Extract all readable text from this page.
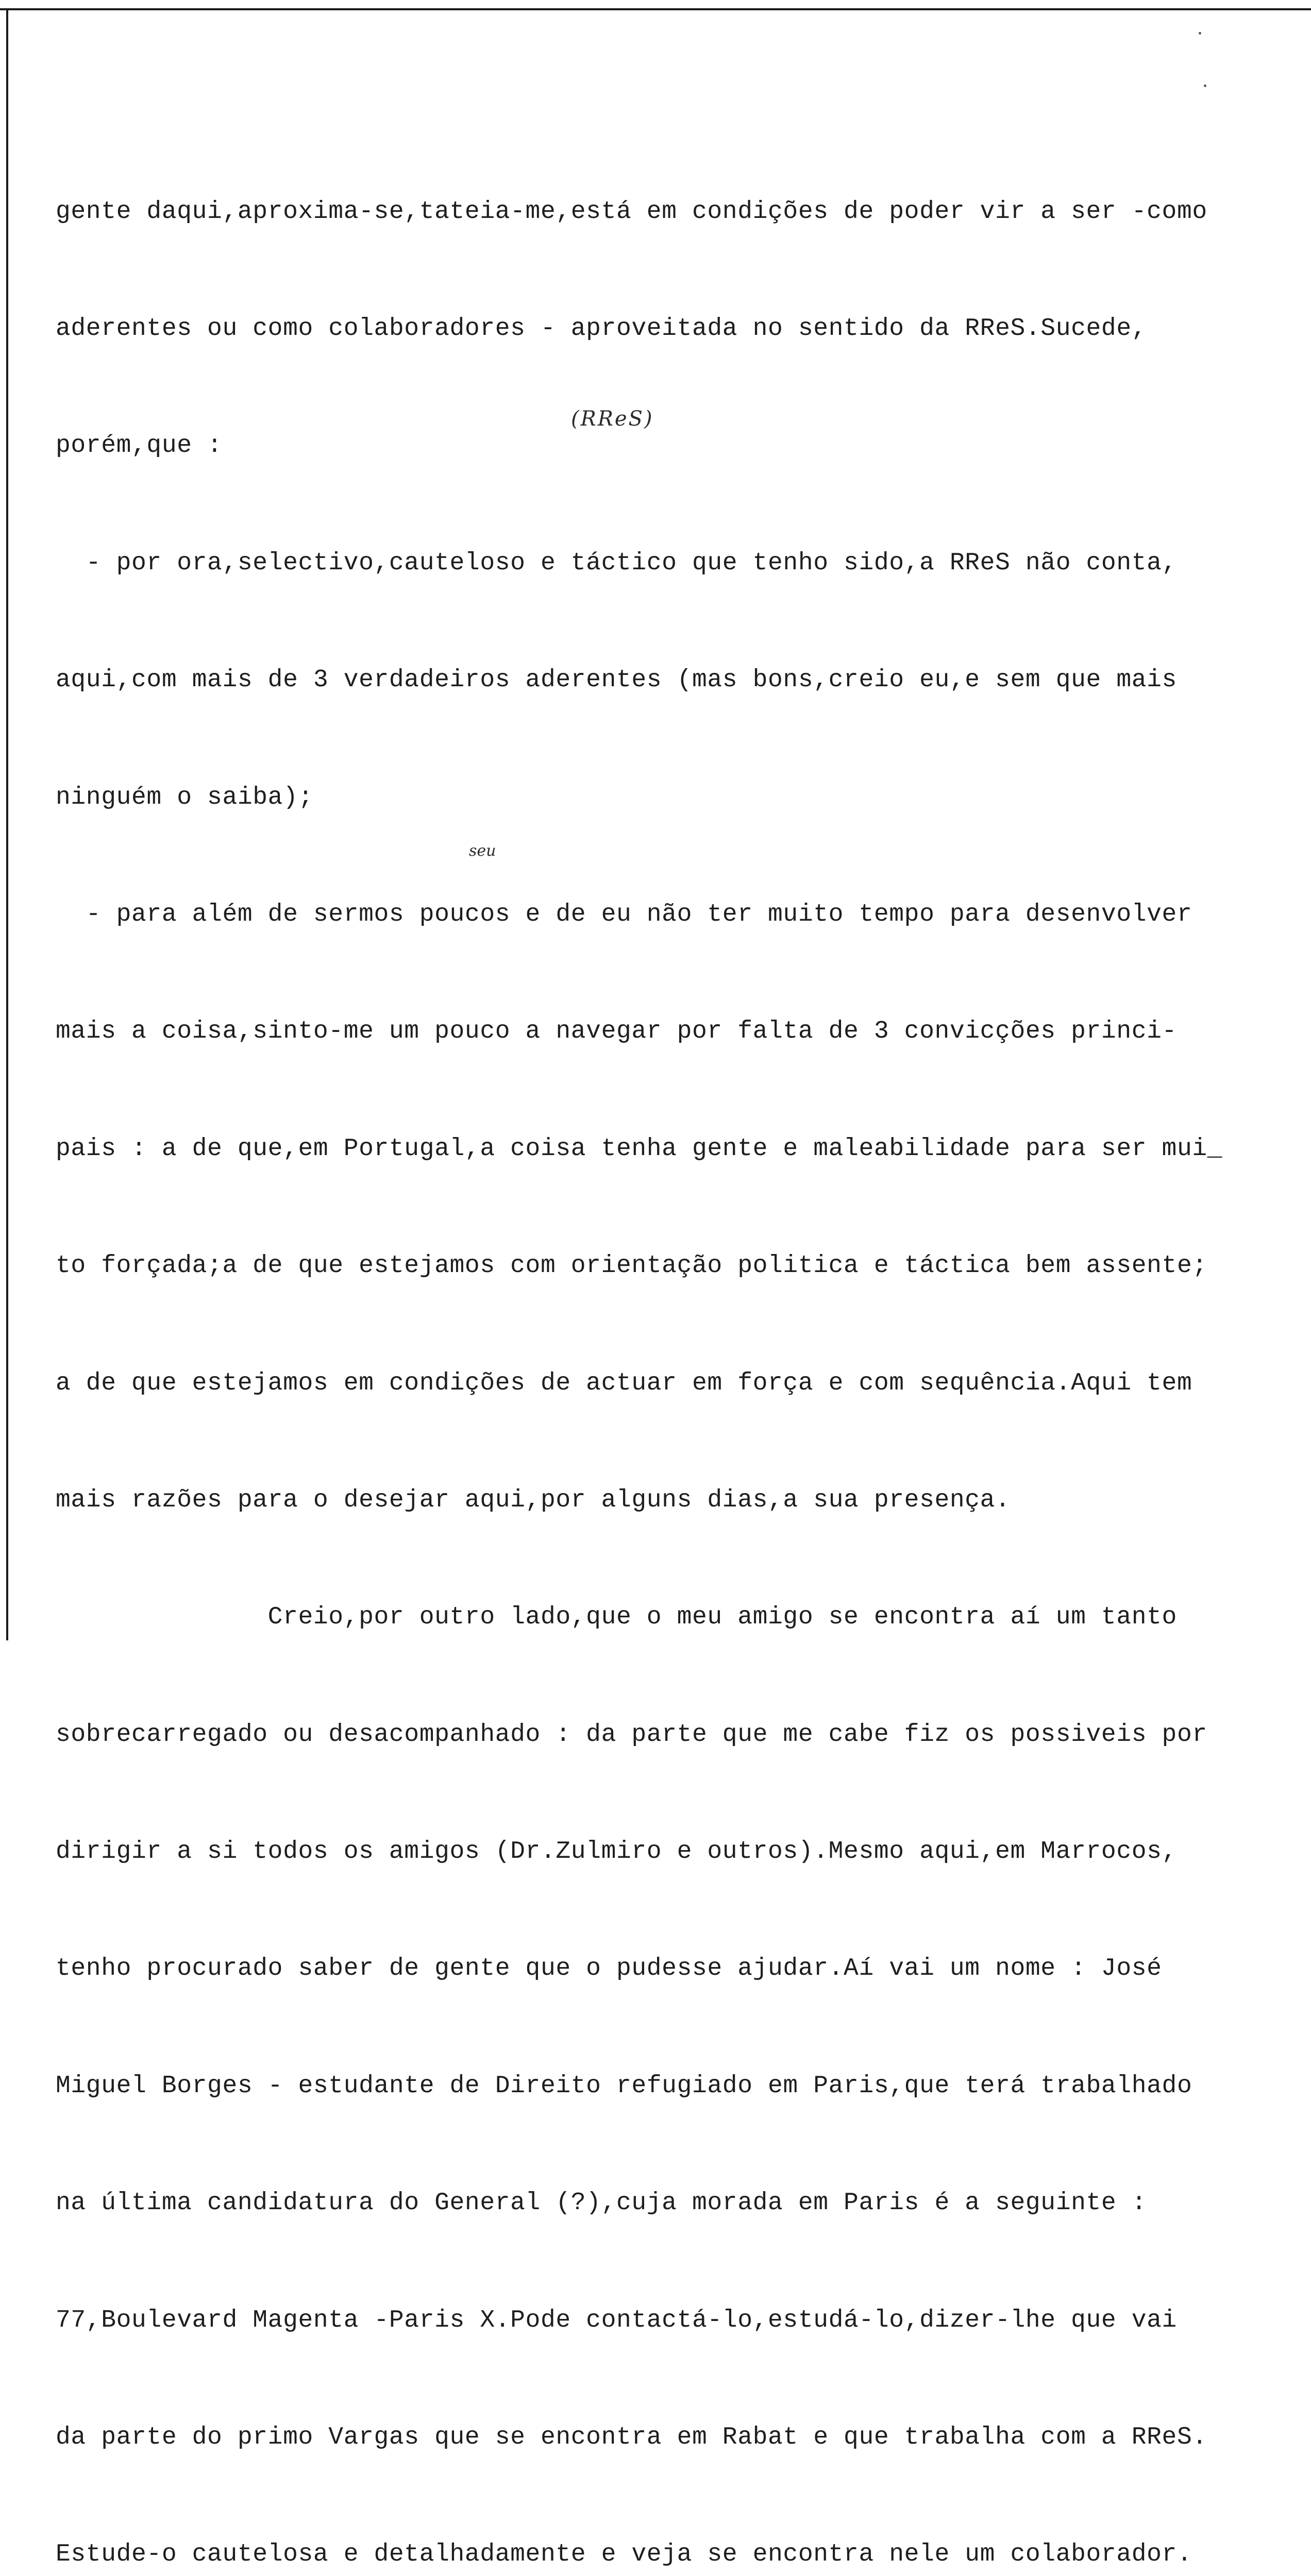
gente daqui,aproxima-se,tateia-me,está em condições de poder vir a ser -como

aderentes ou como colaboradores - aproveitada no sentido da RReS.Sucede,

porém,que :

- por ora,selectivo,cauteloso e táctico que tenho sido,a RReS não conta,

aqui,com mais de 3 verdadeiros aderentes (mas bons,creio eu,e sem que mais

ninguém o saiba);

- para além de sermos poucos e de eu não ter muito tempo para desenvolver

mais a coisa,sinto-me um pouco a navegar por falta de 3 convicções princi-

pais : a de que,em Portugal,a coisa tenha gente e maleabilidade para ser mui_

to forçada;a de que estejamos com orientação politica e táctica bem assente;

a de que estejamos em condições de actuar em força e com sequência.Aqui tem

mais razões para o desejar aqui,por alguns dias,a sua presença.

Creio,por outro lado,que o meu amigo se encontra aí um tanto

sobrecarregado ou desacompanhado : da parte que me cabe fiz os possiveis por

dirigir a si todos os amigos (Dr.Zulmiro e outros).Mesmo aqui,em Marrocos,

tenho procurado saber de gente que o pudesse ajudar.Aí vai um nome : José

Miguel Borges - estudante de Direito refugiado em Paris,que terá trabalhado

na última candidatura do General (?),cuja morada em Paris é a seguinte :

77,Boulevard Magenta -Paris X.Pode contactá-lo,estudá-lo,dizer-lhe que vai

da parte do primo Vargas que se encontra em Rabat e que trabalha com a RReS.

Estude-o cautelosa e detalhadamente e veja se encontra nele um colaborador.

(RReS)
seu
